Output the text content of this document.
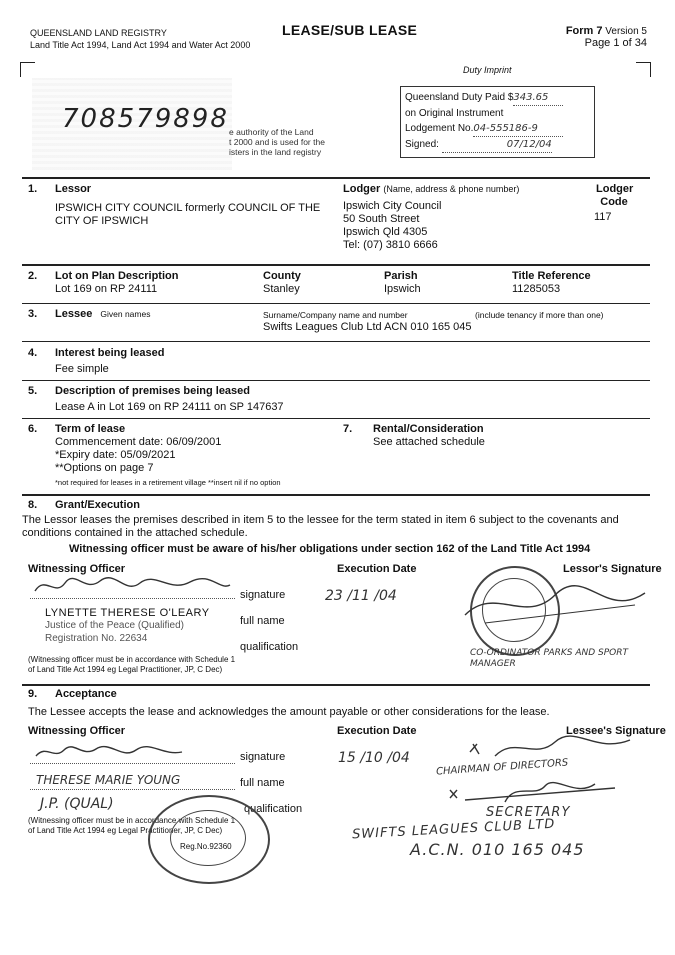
QUEENSLAND LAND REGISTRY
Land Title Act 1994, Land Act 1994 and Water Act 2000
LEASE/SUB LEASE	Form 7 Version 5
Page 1 of 34
708579898 e authority of the Land
t 2000 and is used for the
isters in the land registry
Duty Imprint
Queensland Duty Paid $343.65
on Original Instrument
Lodgement No.04-555186-9
Signed:	07/12/04
1. Lessor
IPSWICH CITY COUNCIL formerly COUNCIL OF THE
CITY OF IPSWICH
Lodger (Name, address & phone number)
Ipswich City Council
50 South Street
Ipswich Qld 4305
Tel: (07) 3810 6666
Lodger
Code
117
2. Lot on Plan Description
Lot 169 on RP 24111
County
Stanley
Parish
Ipswich
Title Reference
11285053
3. Lessee Given names	Surname/Company name and number	(include tenancy if more than one)
Swifts Leagues Club Ltd ACN 010 165 045
4. Interest being leased
Fee simple
5. Description of premises being leased
Lease A in Lot 169 on RP 24111 on SP 147637
6. Term of lease
Commencement date: 06/09/2001
*Expiry date: 05/09/2021
**Options on page 7
*not required for leases in a retirement village **insert nil if no option
7. Rental/Consideration
See attached schedule
8. Grant/Execution
The Lessor leases the premises described in item 5 to the lessee for the term stated in item 6 subject to the covenants and
conditions contained in the attached schedule.
Witnessing officer must be aware of his/her obligations under section 162 of the Land Title Act 1994
Witnessing Officer	Execution Date	Lessor's Signature
signature
LYNETTE THERESE O'LEARY
Justice of the Peace (Qualified)	full name
Registration No. 22634
qualification
(Witnessing officer must be in accordance with Schedule 1
of Land Title Act 1994 eg Legal Practitioner, JP, C Dec)
23 /11 /04
CO-ORDINATOR PARKS AND SPORT MANAGER
9. Acceptance
The Lessee accepts the lease and acknowledges the amount payable or other considerations for the lease.
Witnessing Officer	Execution Date	Lessee's Signature
signature
THERESE MARIE YOUNG	full name
J.P. (QUAL)	qualification
(Witnessing officer must be in accordance with Schedule 1
of Land Title Act 1994 eg Legal Practitioner, JP, C Dec)
Reg.No.92360
15 /10 /04	CHAIRMAN OF DIRECTORS
SECRETARY
SWIFTS LEAGUES CLUB LTD
A.C.N. 010 165 045
